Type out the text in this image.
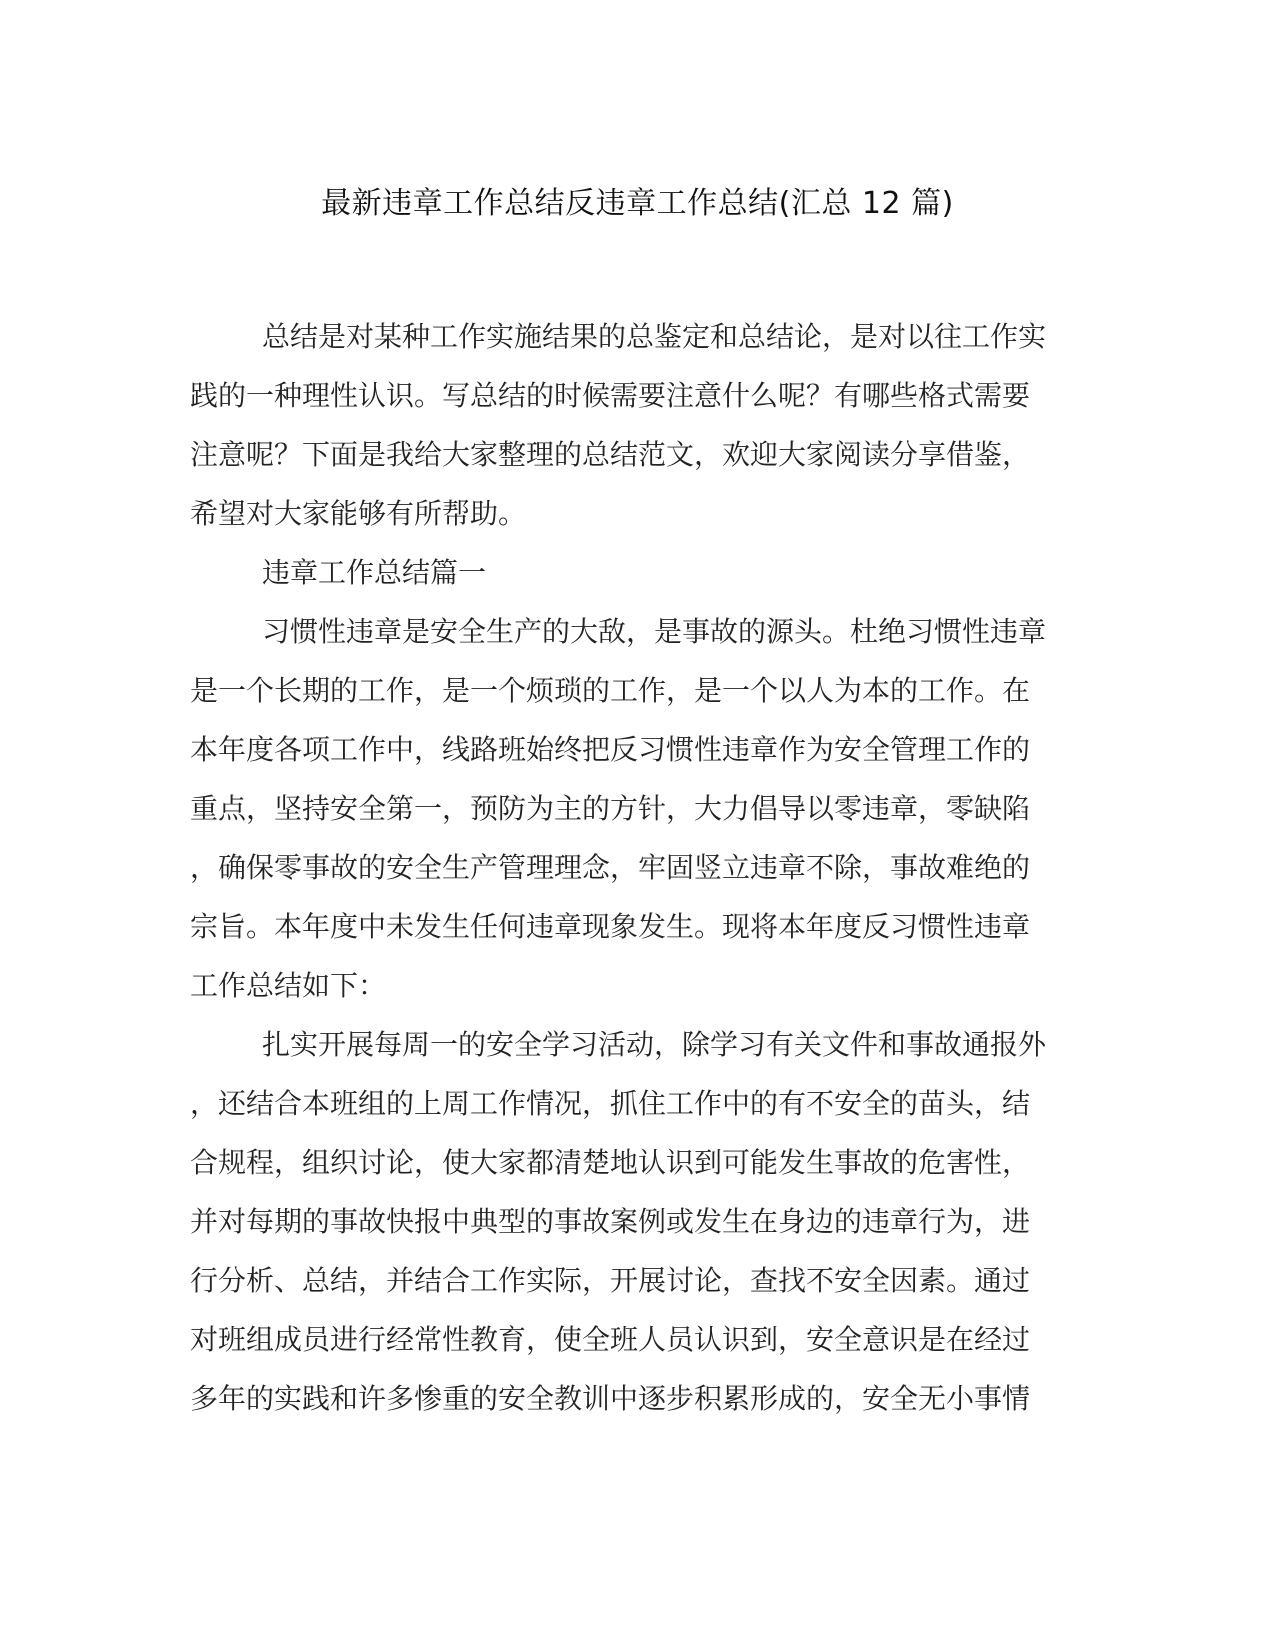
最新违章工作总结反违章工作总结(汇总 12 篇)
总结是对某种工作实施结果的总鉴定和总结论，是对以往工作实
践的一种理性认识。写总结的时候需要注意什么呢？有哪些格式需要
注意呢？下面是我给大家整理的总结范文，欢迎大家阅读分享借鉴，
希望对大家能够有所帮助。
违章工作总结篇一
习惯性违章是安全生产的大敌，是事故的源头。杜绝习惯性违章
是一个长期的工作，是一个烦琐的工作，是一个以人为本的工作。在
本年度各项工作中，线路班始终把反习惯性违章作为安全管理工作的
重点，坚持安全第一，预防为主的方针，大力倡导以零违章，零缺陷
，确保零事故的安全生产管理理念，牢固竖立违章不除，事故难绝的
宗旨。本年度中未发生任何违章现象发生。现将本年度反习惯性违章
工作总结如下：
扎实开展每周一的安全学习活动，除学习有关文件和事故通报外
，还结合本班组的上周工作情况，抓住工作中的有不安全的苗头，结
合规程，组织讨论，使大家都清楚地认识到可能发生事故的危害性，
并对每期的事故快报中典型的事故案例或发生在身边的违章行为，进
行分析、总结，并结合工作实际，开展讨论，查找不安全因素。通过
对班组成员进行经常性教育，使全班人员认识到，安全意识是在经过
多年的实践和许多惨重的安全教训中逐步积累形成的，安全无小事情
